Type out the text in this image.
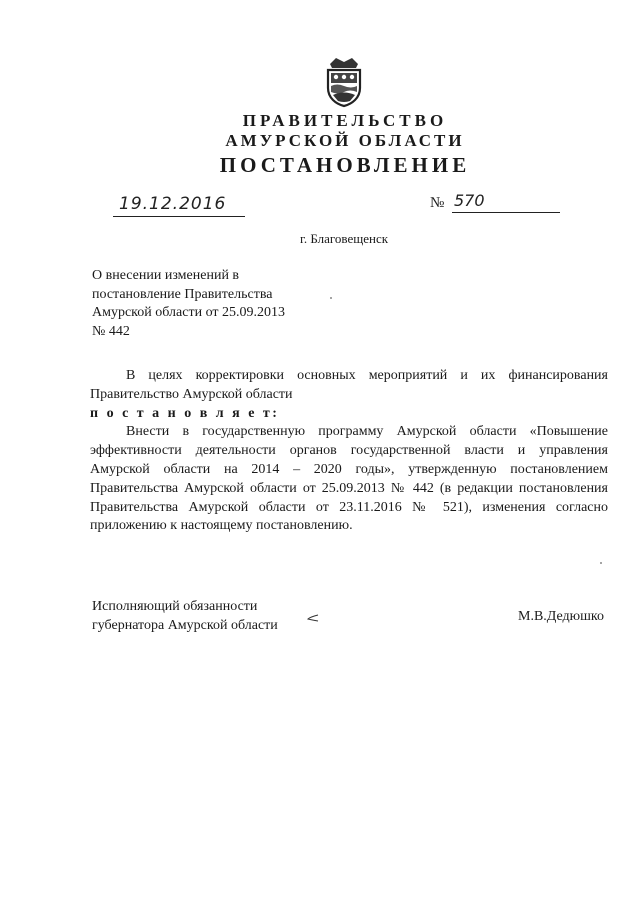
ПРАВИТЕЛЬСТВО
АМУРСКОЙ ОБЛАСТИ
ПОСТАНОВЛЕНИЕ
19.12.2016	№ 570
г. Благовещенск
О внесении изменений в
постановление Правительства
Амурской области от 25.09.2013
№ 442
В целях корректировки основных мероприятий и их финансирования Правительство Амурской области
п о с т а н о в л я е т:
Внести в государственную программу Амурской области «Повышение эффективности деятельности органов государственной власти и управления Амурской области на 2014 – 2020 годы», утвержденную постановлением Правительства Амурской области от 25.09.2013 № 442 (в редакции постановления Правительства Амурской области от 23.11.2016 № 521), изменения согласно приложению к настоящему постановлению.
Исполняющий обязанности
губернатора Амурской области
М.В.Дедюшко
